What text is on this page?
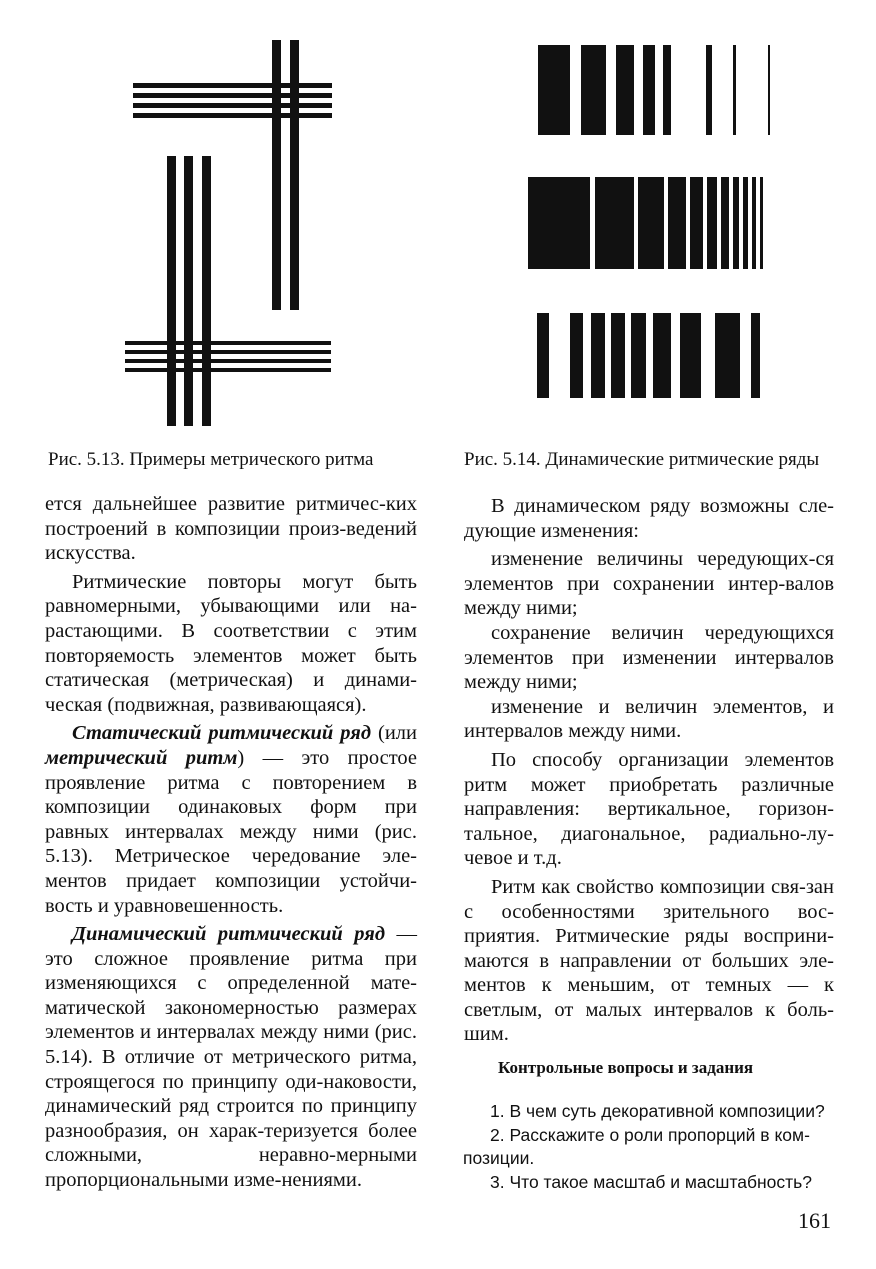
Рис. 5.13. Примеры метрического ритма	Рис. 5.14. Динамические ритмические ряды

ется дальнейшее развитие ритмичес-ких построений в композиции произ-ведений искусства.

Ритмические повторы могут быть равномерными, убывающими или на-растающими. В соответствии с этим повторяемость элементов может быть статическая (метрическая) и динами-ческая (подвижная, развивающаяся).

Статический ритмический ряд (или метрический ритм) — это простое проявление ритма с повторением в композиции одинаковых форм при равных интервалах между ними (рис. 5.13). Метрическое чередование эле-ментов придает композиции устойчи-вость и уравновешенность.

Динамический ритмический ряд — это сложное проявление ритма при изменяющихся с определенной мате-матической закономерностью размерах элементов и интервалах между ними (рис. 5.14). В отличие от метрического ритма, строящегося по принципу оди-наковости, динамический ряд строится по принципу разнообразия, он харак-теризуется более сложными, неравно-мерными пропорциональными изме-нениями.

В динамическом ряду возможны сле-дующие изменения:

изменение величины чередующих-ся элементов при сохранении интер-валов между ними;

сохранение величин чередующихся элементов при изменении интервалов между ними;

изменение и величин элементов, и интервалов между ними.

По способу организации элементов ритм может приобретать различные направления: вертикальное, горизон-тальное, диагональное, радиально-лу-чевое и т.д.

Ритм как свойство композиции свя-зан с особенностями зрительного вос-приятия. Ритмические ряды восприни-маются в направлении от больших эле-ментов к меньшим, от темных — к светлым, от малых интервалов к боль-шим.

Контрольные вопросы и задания

1. В чем суть декоративной композиции?

2. Расскажите о роли пропорций в ком-позиции.

3. Что такое масштаб и масштабность?

161
